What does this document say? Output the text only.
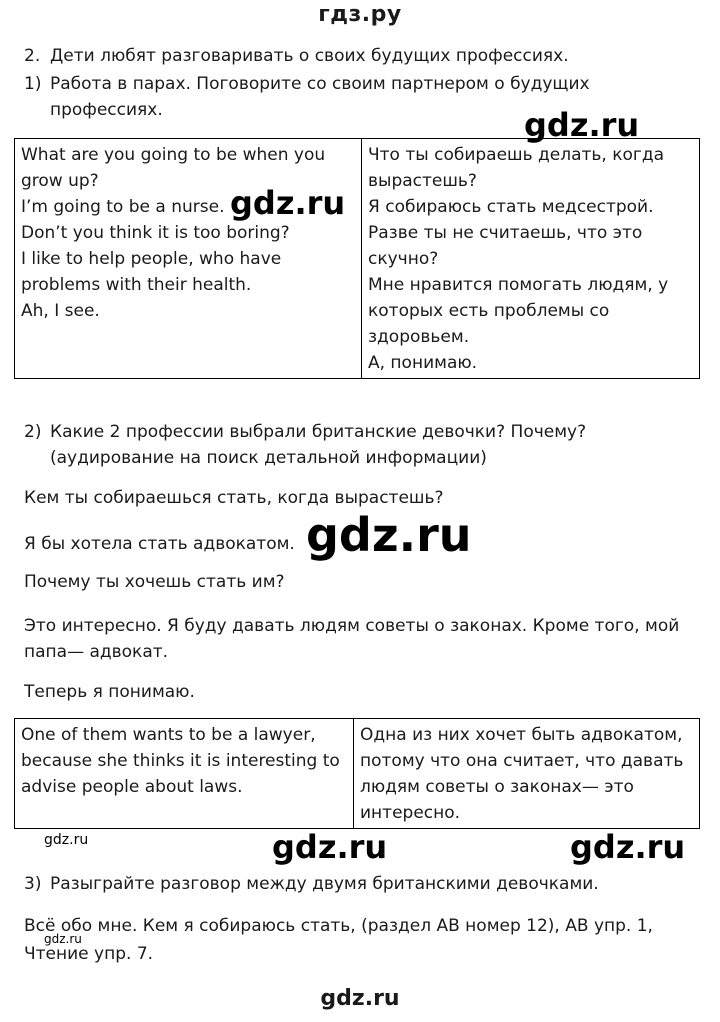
гдз.ру
2. Дети любят разговаривать о своих будущих профессиях.
1) Работа в парах. Поговорите со своим партнером о будущих
профессиях.	gdz.ru
What are you going to be when you
grow up?
I’m going to be a nurse.
Don’t you think it is too boring?
I like to help people, who have
problems with their health.
Ah, I see.

Что ты собираешь делать, когда
вырастешь?
Я собираюсь стать медсестрой.
Разве ты не считаешь, что это
скучно?
Мне нравится помогать людям, у
которых есть проблемы со
здоровьем.
А, понимаю.
gdz.ru
2) Какие 2 профессии выбрали британские девочки? Почему?
(аудирование на поиск детальной информации)
Кем ты собираешься стать, когда вырастешь?
Я бы хотела стать адвокатом. gdz.ru
Почему ты хочешь стать им?
Это интересно. Я буду давать людям советы о законах. Кроме того, мой
папа— адвокат.
Теперь я понимаю.
One of them wants to be a lawyer,
because she thinks it is interesting to
advise people about laws.

Одна из них хочет быть адвокатом,
потому что она считает, что давать
людям советы о законах— это
интересно.
gdz.ru	gdz.ru	gdz.ru
3) Разыграйте разговор между двумя британскими девочками.
Всё обо мне. Кем я собираюсь стать, (раздел AB номер 12), AB упр. 1,
gdz.ru
Чтение упр. 7.
gdz.ru
